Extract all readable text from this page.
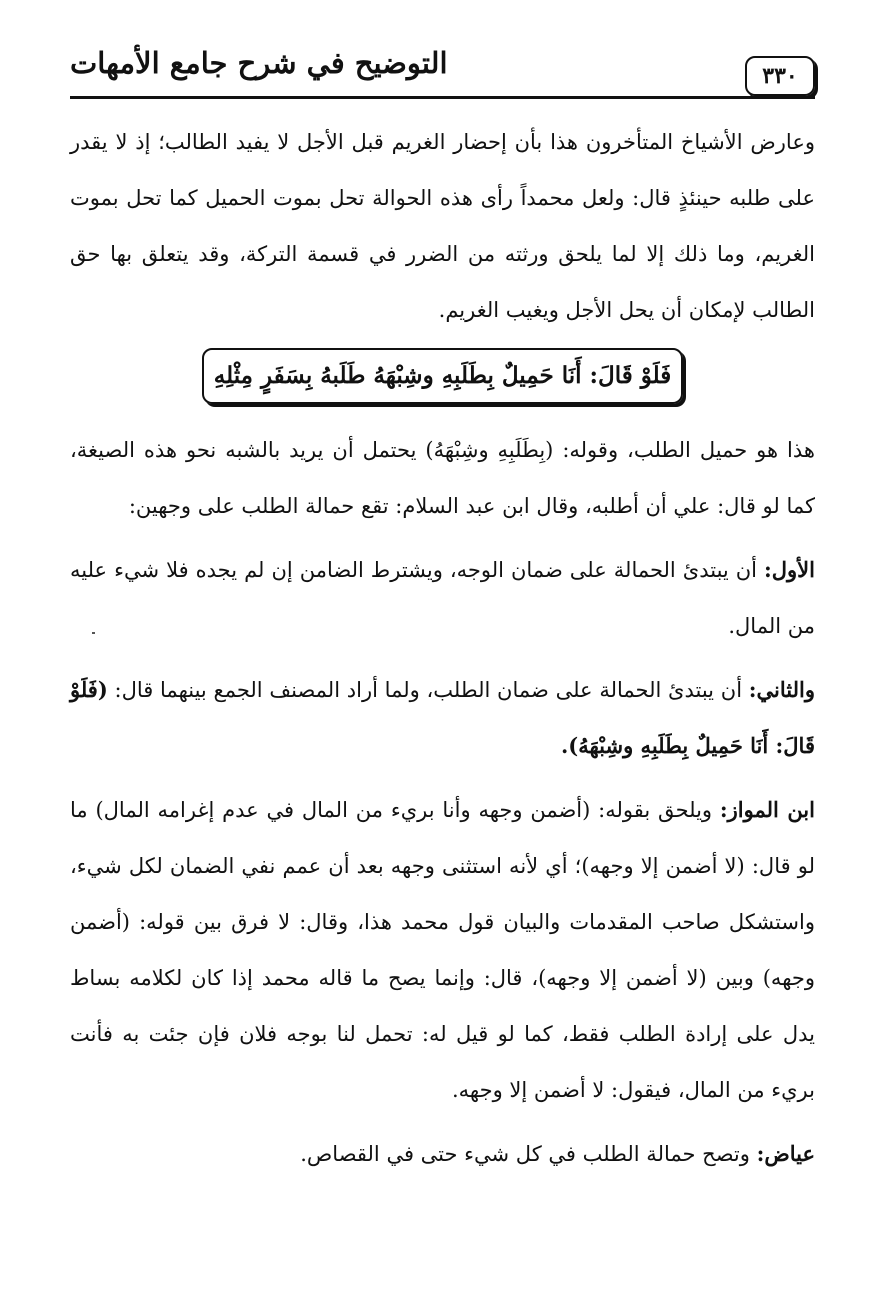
التوضيح في شرح جامع الأمهات	٣٣٠

وعارض الأشياخ المتأخرون هذا بأن إحضار الغريم قبل الأجل لا يفيد الطالب؛ إذ لا يقدر على طلبه حينئذٍ قال: ولعل محمداً رأى هذه الحوالة تحل بموت الحميل كما تحل بموت الغريم، وما ذلك إلا لما يلحق ورثته من الضرر في قسمة التركة، وقد يتعلق بها حق الطالب لإمكان أن يحل الأجل ويغيب الغريم.

فَلَوْ قَالَ: أَنَا حَمِيلٌ بِطَلَبِهِ وشِبْهَهُ طَلَبهُ بِسَفَرٍ مِثْلِهِ

هذا هو حميل الطلب، وقوله: (بِطَلَبِهِ وشِبْهَهُ) يحتمل أن يريد بالشبه نحو هذه الصيغة، كما لو قال: علي أن أطلبه، وقال ابن عبد السلام: تقع حمالة الطلب على وجهين:

الأول: أن يبتدئ الحمالة على ضمان الوجه، ويشترط الضامن إن لم يجده فلا شيء عليه من المال.

والثاني: أن يبتدئ الحمالة على ضمان الطلب، ولما أراد المصنف الجمع بينهما قال: (فَلَوْ قَالَ: أَنَا حَمِيلٌ بِطَلَبِهِ وشِبْهَهُ).

ابن المواز: ويلحق بقوله: (أضمن وجهه وأنا بريء من المال في عدم إغرامه المال) ما لو قال: (لا أضمن إلا وجهه)؛ أي لأنه استثنى وجهه بعد أن عمم نفي الضمان لكل شيء، واستشكل صاحب المقدمات والبيان قول محمد هذا، وقال: لا فرق بين قوله: (أضمن وجهه) وبين (لا أضمن إلا وجهه)، قال: وإنما يصح ما قاله محمد إذا كان لكلامه بساط يدل على إرادة الطلب فقط، كما لو قيل له: تحمل لنا بوجه فلان فإن جئت به فأنت بريء من المال، فيقول: لا أضمن إلا وجهه.

عياض: وتصح حمالة الطلب في كل شيء حتى في القصاص.
